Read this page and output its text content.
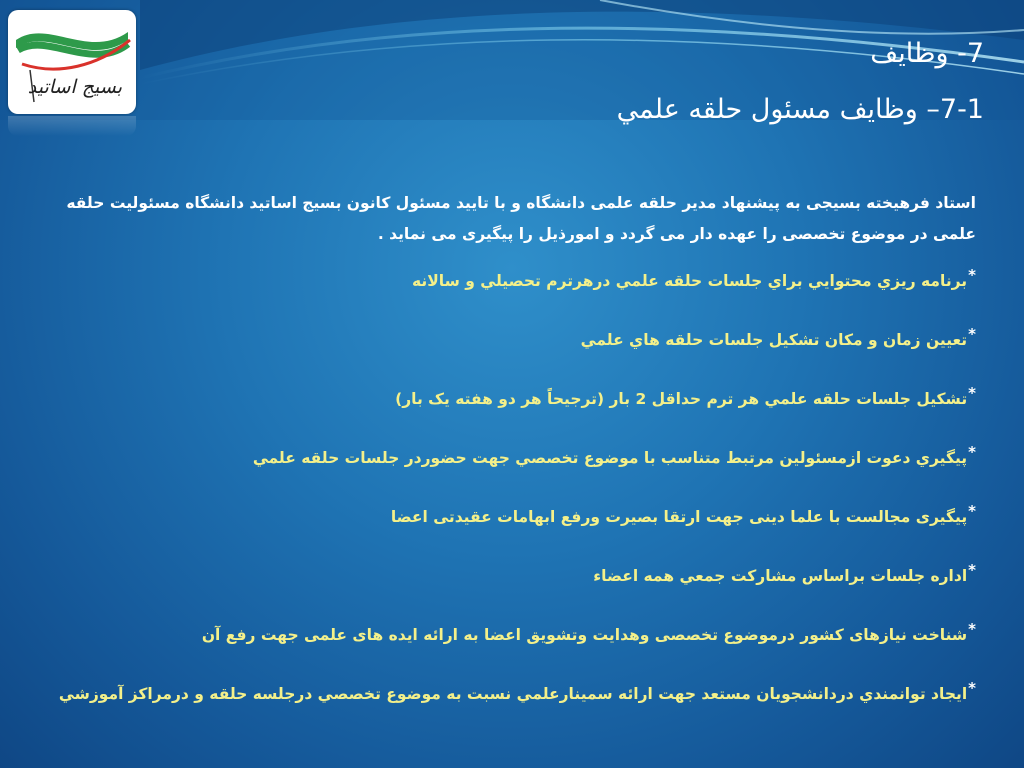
بسیج اساتید
7- وظايف
7-1– وظايف مسئول حلقه علمي

استاد فرهیخته بسیجی به پیشنهاد مدیر حلقه علمی دانشگاه و با تایید مسئول کانون بسیج اساتید دانشگاه مسئولیت حلقه علمی در موضوع تخصصی را عهده دار می گردد و امورذیل را پیگیری می نماید .

*برنامه ريزي محتوايي براي جلسات حلقه علمي درهرترم تحصيلي و سالانه

*تعيين زمان و مكان تشكيل جلسات حلقه هاي علمي

*تشكيل جلسات حلقه علمي هر ترم حداقل 2 بار (ترجيحاً هر دو هفته يک بار)

*پيگيري دعوت ازمسئولين مرتبط متناسب با موضوع تخصصي جهت حضوردر جلسات حلقه علمي

*پيگيری مجالست با علما دينی جهت ارتقا بصيرت ورفع ابهامات عقيدتی اعضا

*اداره جلسات براساس مشاركت جمعي همه اعضاء

*شناخت نيازهای کشور درموضوع تخصصی وهدايت وتشويق اعضا به ارائه ايده های علمی جهت رفع آن

*ايجاد توانمندي دردانشجويان مستعد جهت ارائه سمينارعلمي نسبت به موضوع تخصصي درجلسه حلقه و درمراكز آموزشي
